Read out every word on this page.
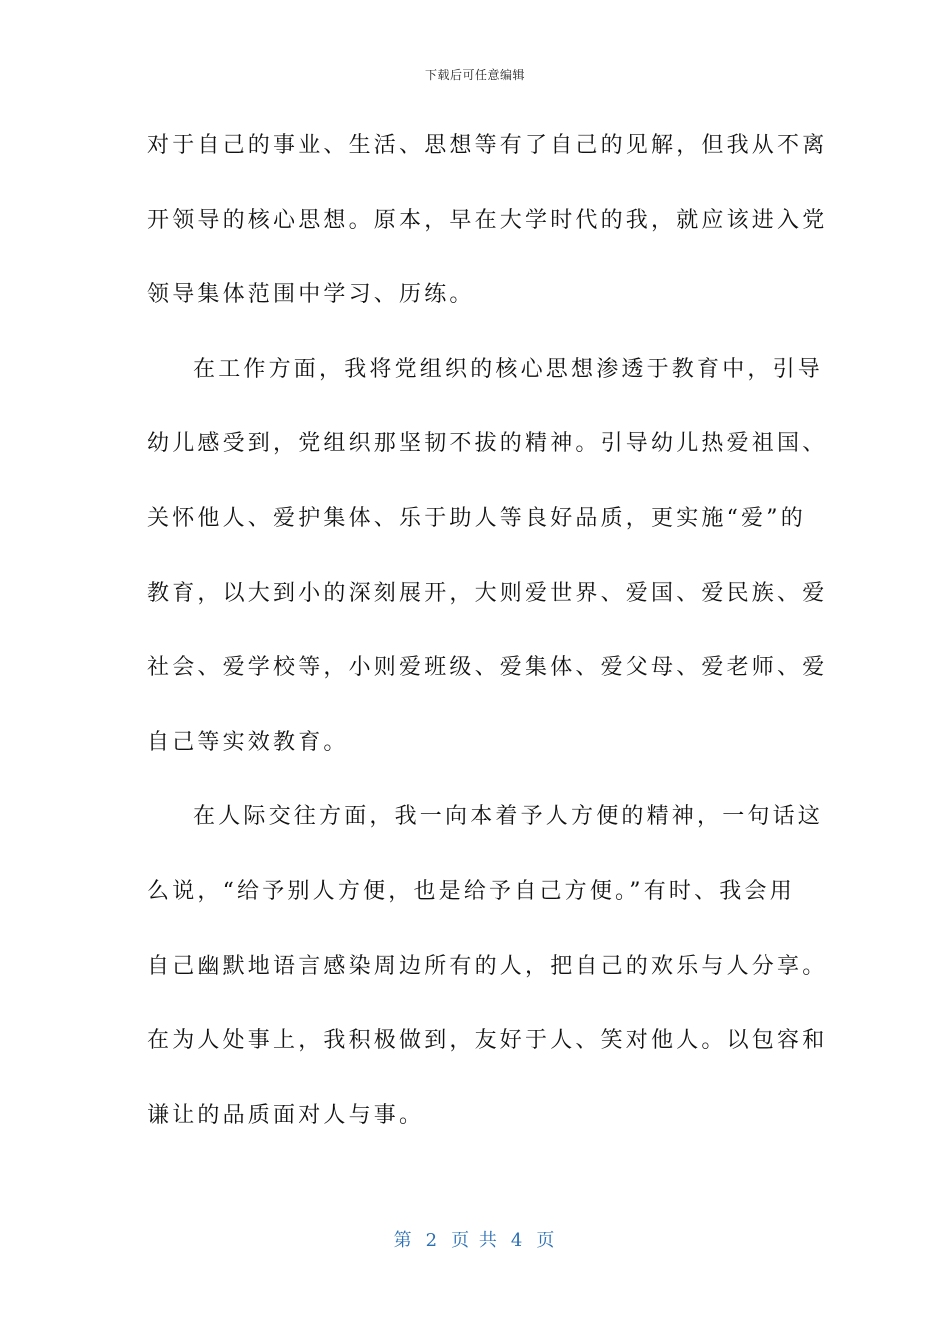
下载后可任意编辑
对于自己的事业、生活、思想等有了自己的见解，但我从不离
开领导的核心思想。原本，早在大学时代的我，就应该进入党
领导集体范围中学习、历练。
在工作方面，我将党组织的核心思想渗透于教育中，引导
幼儿感受到，党组织那坚韧不拔的精神。引导幼儿热爱祖国、
关怀他人、爱护集体、乐于助人等良好品质，更实施“爱”的
教育，以大到小的深刻展开，大则爱世界、爱国、爱民族、爱
社会、爱学校等，小则爱班级、爱集体、爱父母、爱老师、爱
自己等实效教育。
在人际交往方面，我一向本着予人方便的精神，一句话这
么说，“给予别人方便，也是给予自己方便。”有时、我会用
自己幽默地语言感染周边所有的人，把自己的欢乐与人分享。
在为人处事上，我积极做到，友好于人、笑对他人。以包容和
谦让的品质面对人与事。
第 2 页 共 4 页
